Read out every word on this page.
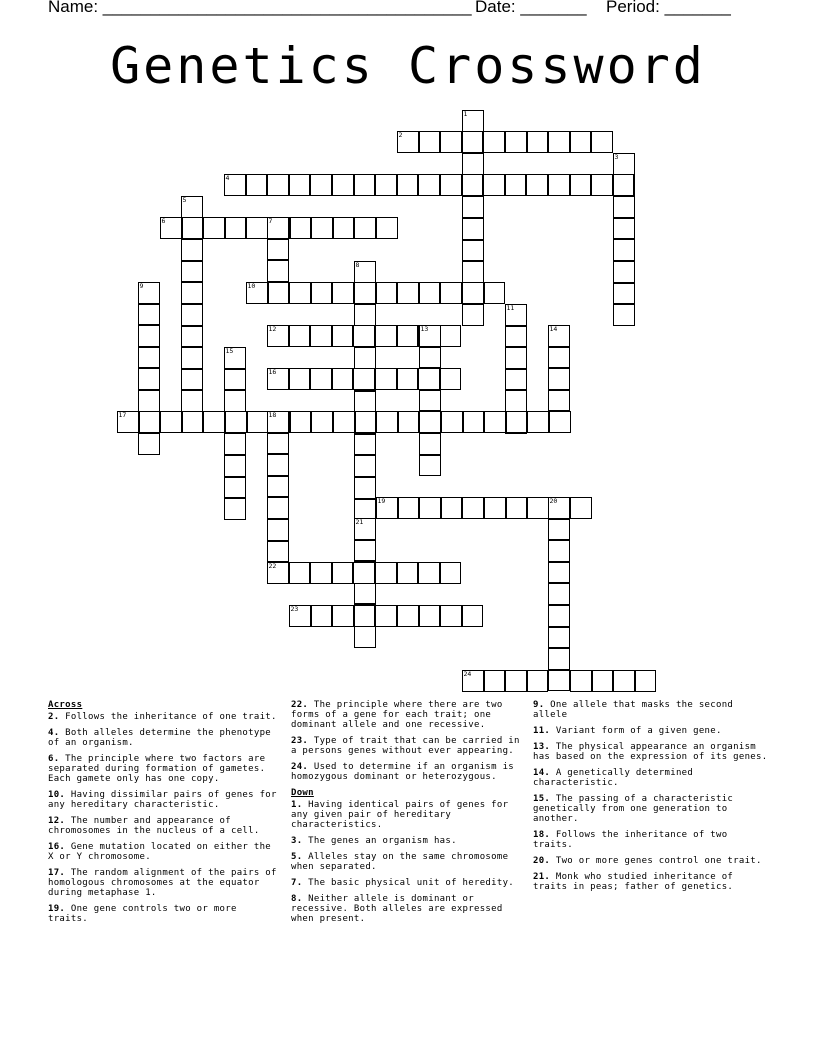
Name: _______________________________________ Date: _______ Period: _______
Genetics Crossword
1
2
3
4
5
6	7
8
9	10
11
12	13	14
15
16
17	18
19	20
21
22
23
24
Across
2. Follows the inheritance of one trait.
4. Both alleles determine the phenotype of an organism.
6. The principle where two factors are separated during formation of gametes. Each gamete only has one copy.
10. Having dissimilar pairs of genes for any hereditary characteristic.
12. The number and appearance of chromosomes in the nucleus of a cell.
16. Gene mutation located on either the X or Y chromosome.
17. The random alignment of the pairs of homologous chromosomes at the equator during metaphase 1.
19. One gene controls two or more traits.
22. The principle where there are two forms of a gene for each trait; one dominant allele and one recessive.
23. Type of trait that can be carried in a persons genes without ever appearing.
24. Used to determine if an organism is homozygous dominant or heterozygous.
Down
1. Having identical pairs of genes for any given pair of hereditary characteristics.
3. The genes an organism has.
5. Alleles stay on the same chromosome when separated.
7. The basic physical unit of heredity.
8. Neither allele is dominant or recessive. Both alleles are expressed when present.
9. One allele that masks the second allele
11. Variant form of a given gene.
13. The physical appearance an organism has based on the expression of its genes.
14. A genetically determined characteristic.
15. The passing of a characteristic genetically from one generation to another.
18. Follows the inheritance of two traits.
20. Two or more genes control one trait.
21. Monk who studied inheritance of traits in peas; father of genetics.
